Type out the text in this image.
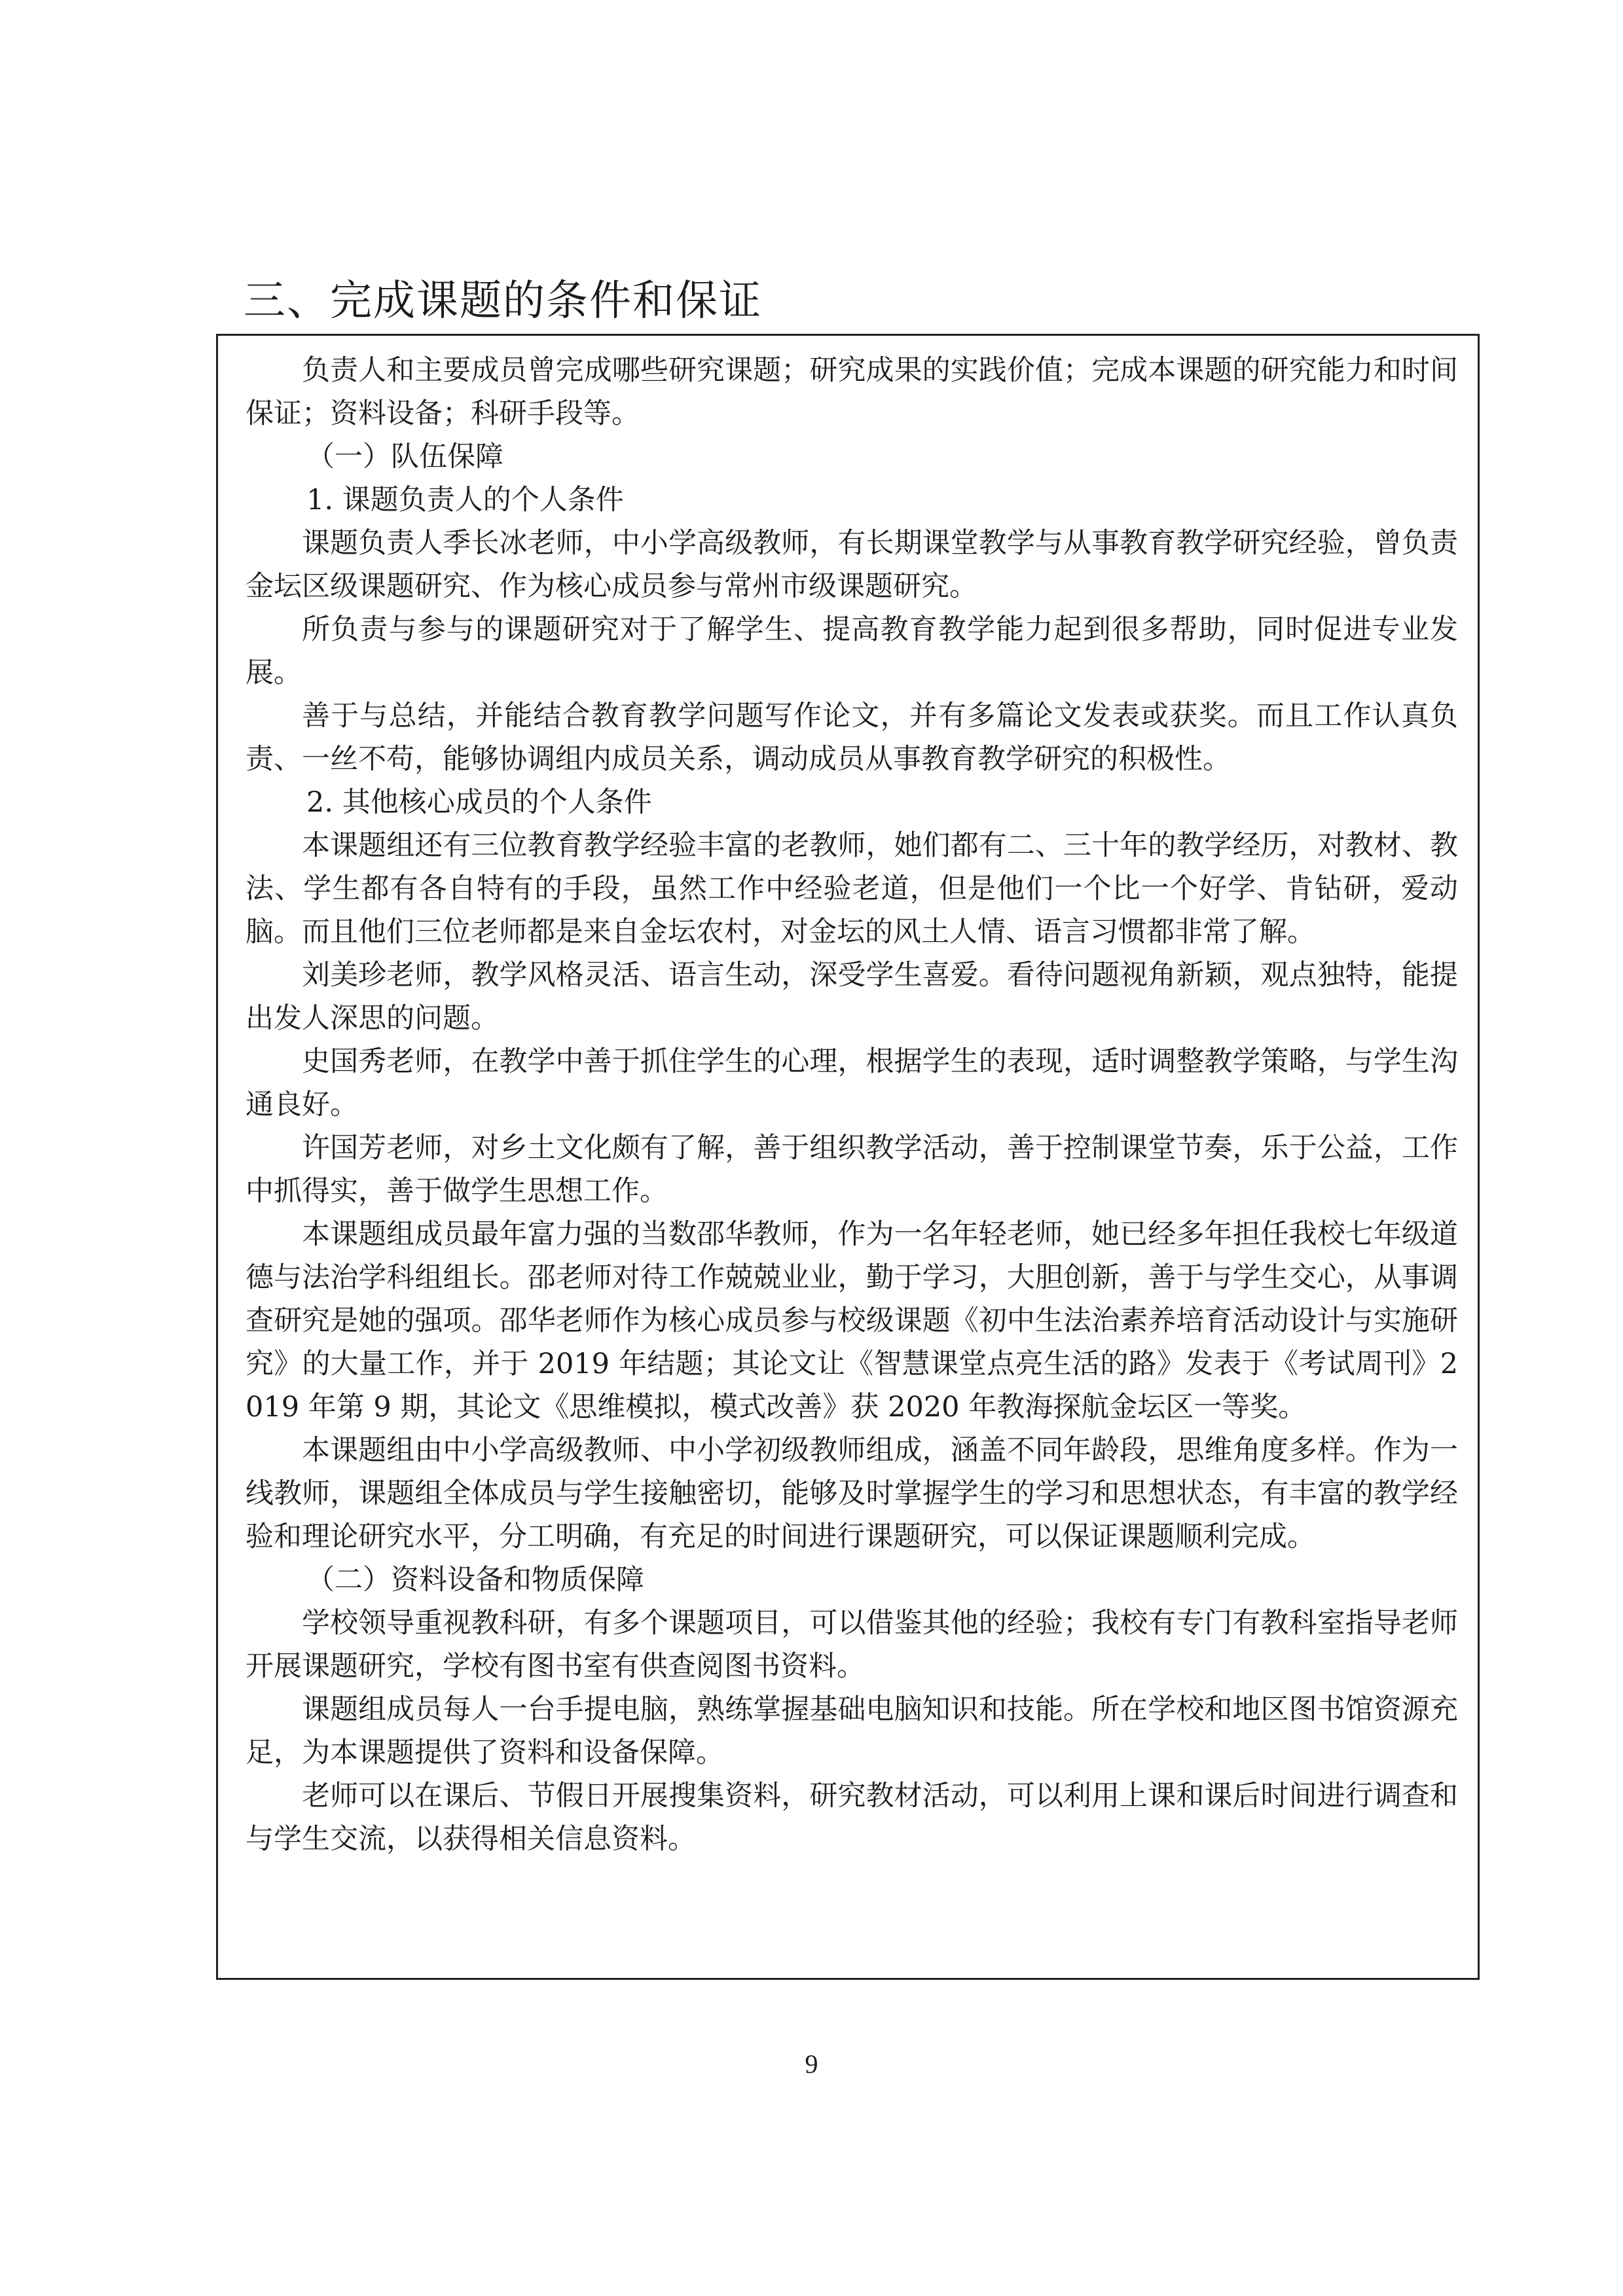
三、完成课题的条件和保证

负责人和主要成员曾完成哪些研究课题；研究成果的实践价值；完成本课题的研究能力和时间保证；资料设备；科研手段等。

（一）队伍保障

1. 课题负责人的个人条件

课题负责人季长冰老师，中小学高级教师，有长期课堂教学与从事教育教学研究经验，曾负责金坛区级课题研究、作为核心成员参与常州市级课题研究。

所负责与参与的课题研究对于了解学生、提高教育教学能力起到很多帮助，同时促进专业发展。

善于与总结，并能结合教育教学问题写作论文，并有多篇论文发表或获奖。而且工作认真负责、一丝不苟，能够协调组内成员关系，调动成员从事教育教学研究的积极性。

2. 其他核心成员的个人条件

本课题组还有三位教育教学经验丰富的老教师，她们都有二、三十年的教学经历，对教材、教法、学生都有各自特有的手段，虽然工作中经验老道，但是他们一个比一个好学、肯钻研，爱动脑。而且他们三位老师都是来自金坛农村，对金坛的风土人情、语言习惯都非常了解。

刘美珍老师，教学风格灵活、语言生动，深受学生喜爱。看待问题视角新颖，观点独特，能提出发人深思的问题。

史国秀老师，在教学中善于抓住学生的心理，根据学生的表现，适时调整教学策略，与学生沟通良好。

许国芳老师，对乡土文化颇有了解，善于组织教学活动，善于控制课堂节奏，乐于公益，工作中抓得实，善于做学生思想工作。

本课题组成员最年富力强的当数邵华教师，作为一名年轻老师，她已经多年担任我校七年级道德与法治学科组组长。邵老师对待工作兢兢业业，勤于学习，大胆创新，善于与学生交心，从事调查研究是她的强项。邵华老师作为核心成员参与校级课题《初中生法治素养培育活动设计与实施研究》的大量工作，并于 2019 年结题；其论文让《智慧课堂点亮生活的路》发表于《考试周刊》2019 年第 9 期，其论文《思维模拟，模式改善》获 2020 年教海探航金坛区一等奖。

本课题组由中小学高级教师、中小学初级教师组成，涵盖不同年龄段，思维角度多样。作为一线教师，课题组全体成员与学生接触密切，能够及时掌握学生的学习和思想状态，有丰富的教学经验和理论研究水平，分工明确，有充足的时间进行课题研究，可以保证课题顺利完成。

（二）资料设备和物质保障

学校领导重视教科研，有多个课题项目，可以借鉴其他的经验；我校有专门有教科室指导老师开展课题研究，学校有图书室有供查阅图书资料。

课题组成员每人一台手提电脑，熟练掌握基础电脑知识和技能。所在学校和地区图书馆资源充足，为本课题提供了资料和设备保障。

老师可以在课后、节假日开展搜集资料，研究教材活动，可以利用上课和课后时间进行调查和与学生交流，以获得相关信息资料。

9
